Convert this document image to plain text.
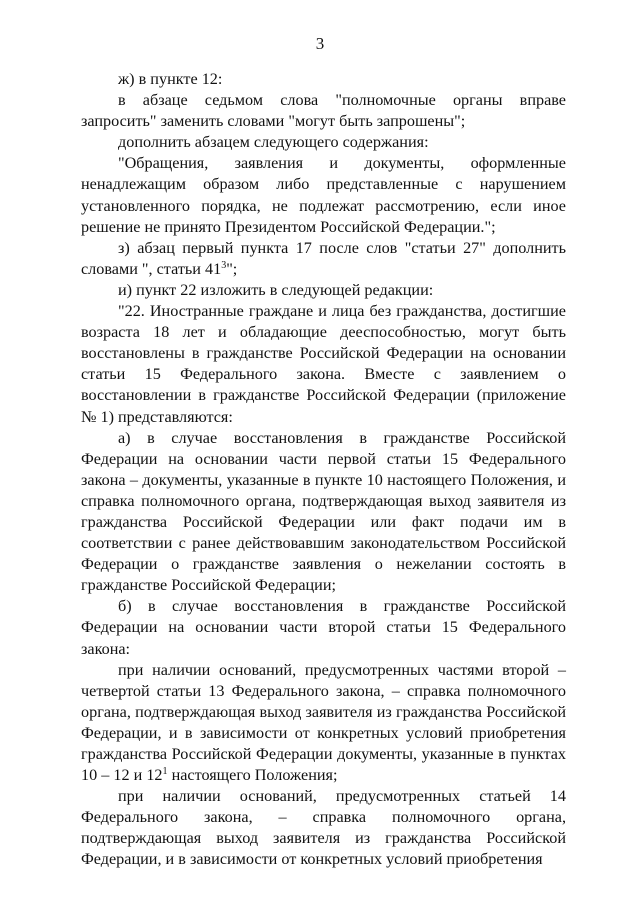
3

ж) в пункте 12:

в абзаце седьмом слова "полномочные органы вправе запросить" заменить словами "могут быть запрошены";

дополнить абзацем следующего содержания:

"Обращения, заявления и документы, оформленные ненадлежащим образом либо представленные с нарушением установленного порядка, не подлежат рассмотрению, если иное решение не принято Президентом Российской Федерации.";

з) абзац первый пункта 17 после слов "статьи 27" дополнить словами ", статьи $41^3$";

и) пункт 22 изложить в следующей редакции:

"22. Иностранные граждане и лица без гражданства, достигшие возраста 18 лет и обладающие дееспособностью, могут быть восстановлены в гражданстве Российской Федерации на основании статьи 15 Федерального закона. Вместе с заявлением о восстановлении в гражданстве Российской Федерации (приложение № 1) представляются:

а) в случае восстановления в гражданстве Российской Федерации на основании части первой статьи 15 Федерального закона – документы, указанные в пункте 10 настоящего Положения, и справка полномочного органа, подтверждающая выход заявителя из гражданства Российской Федерации или факт подачи им в соответствии с ранее действовавшим законодательством Российской Федерации о гражданстве заявления о нежелании состоять в гражданстве Российской Федерации;

б) в случае восстановления в гражданстве Российской Федерации на основании части второй статьи 15 Федерального закона:

при наличии оснований, предусмотренных частями второй – четвертой статьи 13 Федерального закона, – справка полномочного органа, подтверждающая выход заявителя из гражданства Российской Федерации, и в зависимости от конкретных условий приобретения гражданства Российской Федерации документы, указанные в пунктах 10 – 12 и $12^1$ настоящего Положения;

при наличии оснований, предусмотренных статьей 14 Федерального закона, – справка полномочного органа, подтверждающая выход заявителя из гражданства Российской Федерации, и в зависимости от конкретных условий приобретения
